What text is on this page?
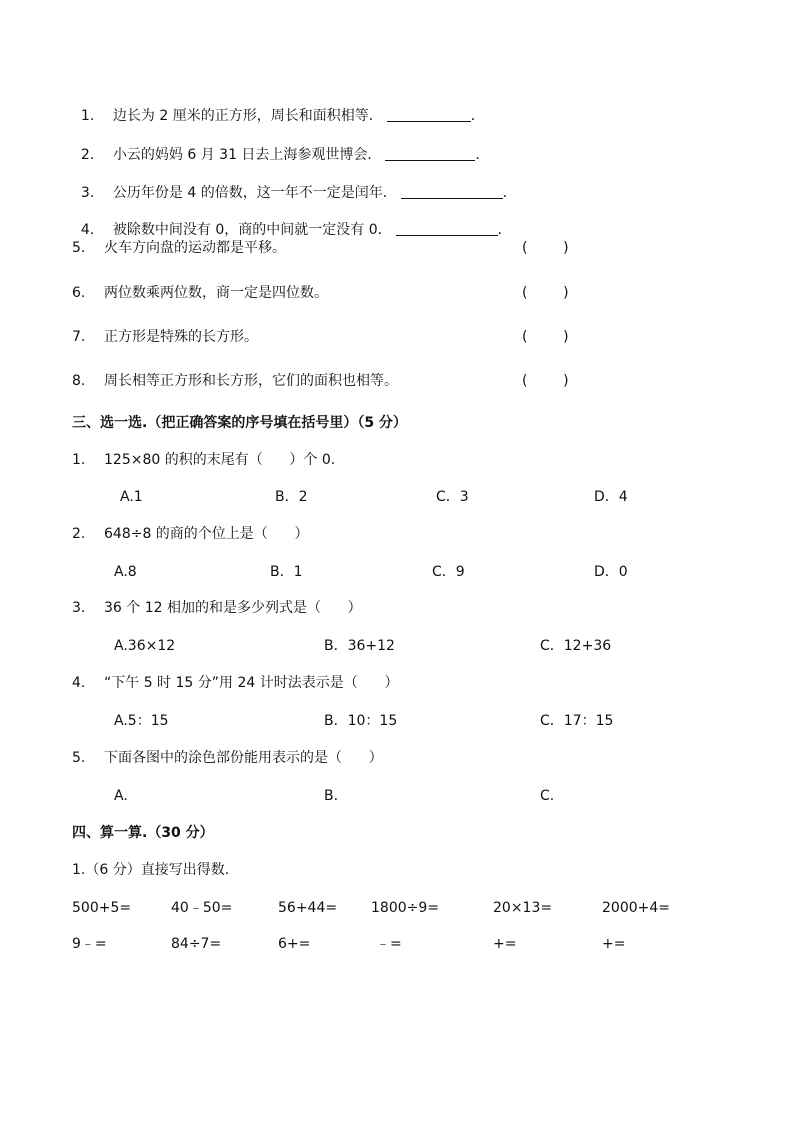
1.	边长为 2 厘米的正方形，周长和面积相等．	．

2.	小云的妈妈 6 月 31 日去上海参观世博会．	．

3.	公历年份是 4 的倍数，这一年不一定是闰年．	．

4.	被除数中间没有 0，商的中间就一定没有 0．	．

5. 火车方向盘的运动都是平移。	(        )
6. 两位数乘两位数，商一定是四位数。	(        )
7. 正方形是特殊的长方形。	(        )
8. 周长相等正方形和长方形，它们的面积也相等。	(        )
三、选一选.（把正确答案的序号填在括号里）（5 分）
1. 125×80 的积的末尾有（      ）个 0.
A.1	B．2	C．3	D．4
2. 648÷8 的商的个位上是（      ）
A.8	B．1	C．9	D．0
3. 36 个 12 相加的和是多少列式是（      ）
A.36×12	B．36+12	C．12+36
4. “下午 5 时 15 分”用 24 计时法表示是（      ）
A.5：15	B．10：15	C．17：15
5. 下面各图中的涂色部份能用表示的是（      ）
A.	B.	C.
四、算一算.（30 分）
1.（6 分）直接写出得数.
500+5=	40﹣50=	56+44= 1800÷9=	20×13=	2000+4=
9﹣=	84÷7=	6+=	﹣=	+=	+=
